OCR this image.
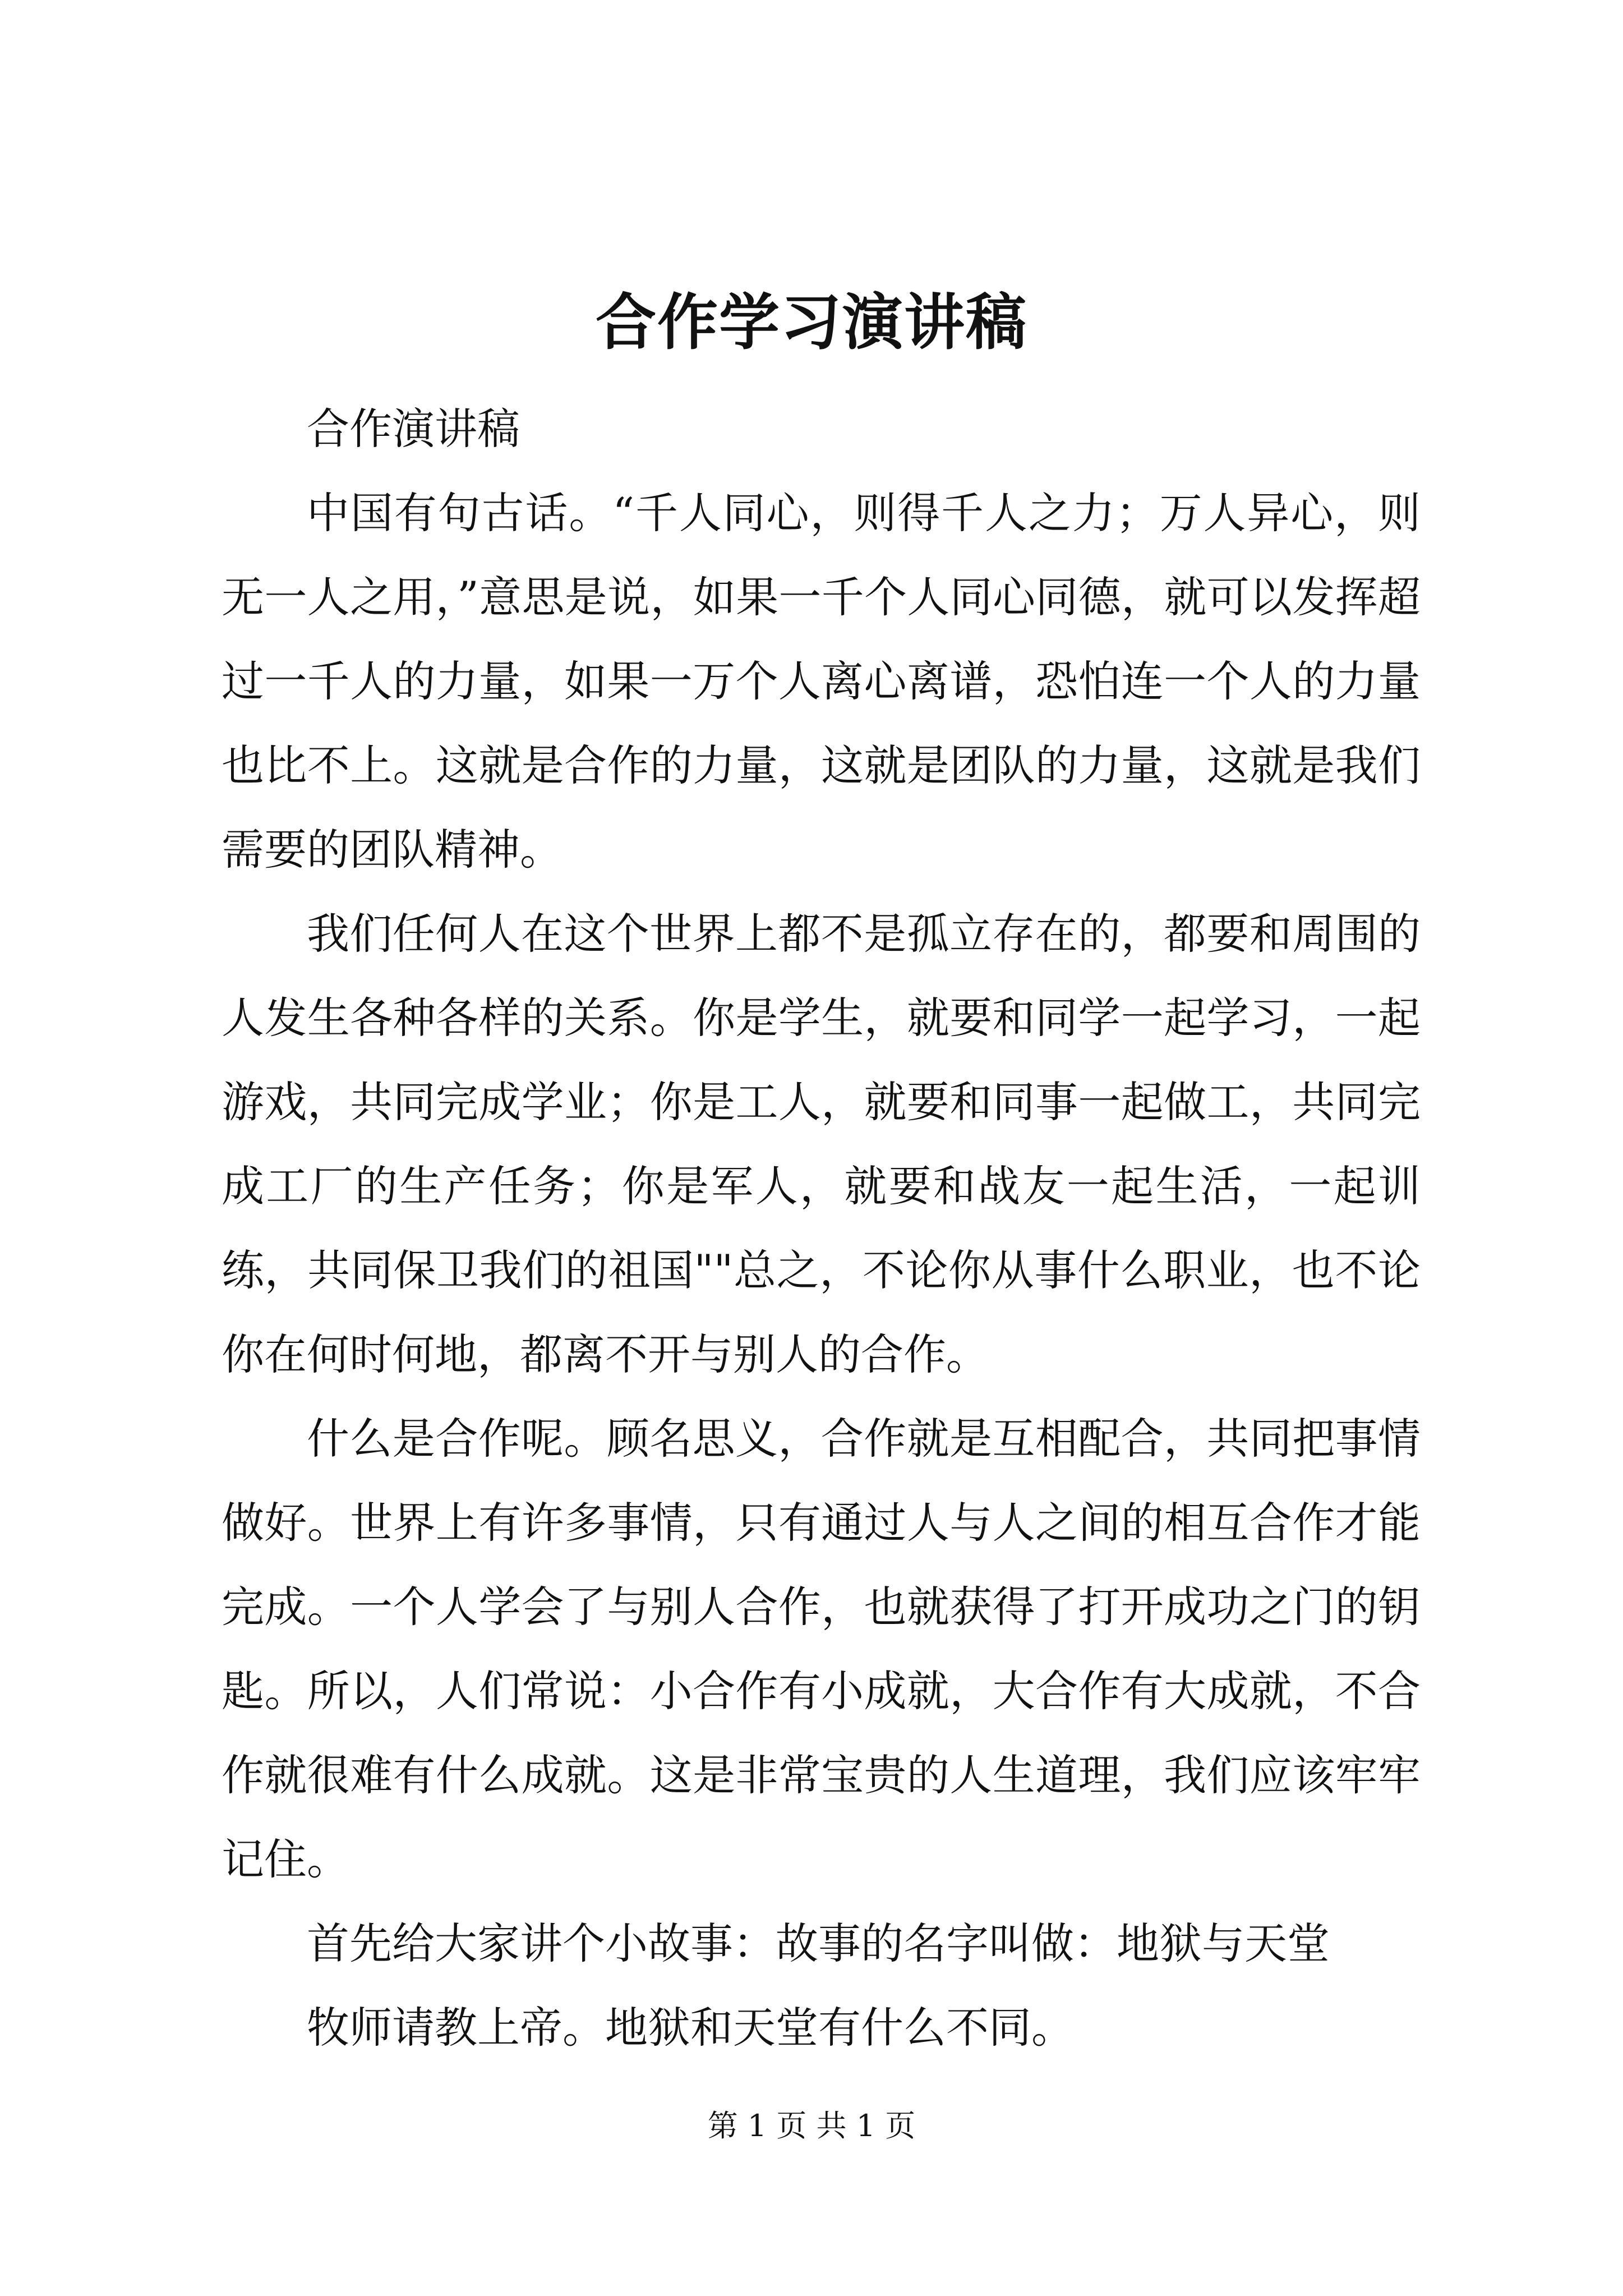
合作学习演讲稿

合作演讲稿

中国有句古话。“千人同心，则得千人之力；万人异心，则无一人之用，”意思是说，如果一千个人同心同德，就可以发挥超过一千人的力量，如果一万个人离心离谱，恐怕连一个人的力量也比不上。这就是合作的力量，这就是团队的力量，这就是我们需要的团队精神。

我们任何人在这个世界上都不是孤立存在的，都要和周围的人发生各种各样的关系。你是学生，就要和同学一起学习，一起游戏，共同完成学业；你是工人，就要和同事一起做工，共同完成工厂的生产任务；你是军人，就要和战友一起生活，一起训练，共同保卫我们的祖国""总之，不论你从事什么职业，也不论你在何时何地，都离不开与别人的合作。

什么是合作呢。顾名思义，合作就是互相配合，共同把事情做好。世界上有许多事情，只有通过人与人之间的相互合作才能完成。一个人学会了与别人合作，也就获得了打开成功之门的钥匙。所以，人们常说：小合作有小成就，大合作有大成就，不合作就很难有什么成就。这是非常宝贵的人生道理，我们应该牢牢记住。

首先给大家讲个小故事：故事的名字叫做：地狱与天堂

牧师请教上帝。地狱和天堂有什么不同。

第 1 页 共 1 页
